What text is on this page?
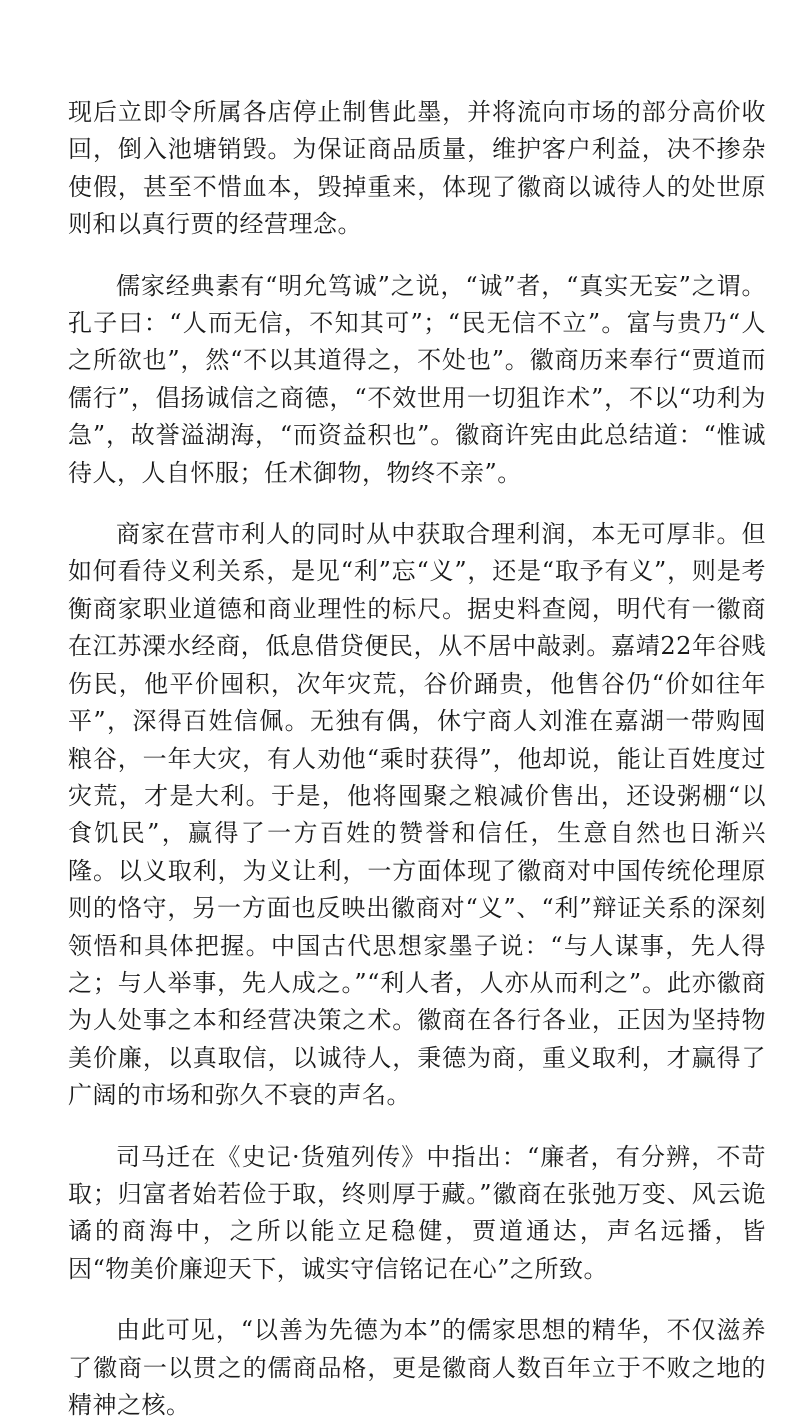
现后立即令所属各店停止制售此墨，并将流向市场的部分高价收回，倒入池塘销毁。为保证商品质量，维护客户利益，决不掺杂使假，甚至不惜血本，毁掉重来，体现了徽商以诚待人的处世原则和以真行贾的经营理念。

儒家经典素有“明允笃诚”之说，“诚”者，“真实无妄”之谓。孔子曰：“人而无信，不知其可”；“民无信不立”。富与贵乃“人之所欲也”，然“不以其道得之，不处也”。徽商历来奉行“贾道而儒行”，倡扬诚信之商德，“不效世用一切狙诈术”，不以“功利为急”，故誉溢湖海，“而资益积也”。徽商许宪由此总结道：“惟诚待人，人自怀服；任术御物，物终不亲”。

商家在营市利人的同时从中获取合理利润，本无可厚非。但如何看待义利关系，是见“利”忘“义”，还是“取予有义”，则是考衡商家职业道德和商业理性的标尺。据史料查阅，明代有一徽商在江苏溧水经商，低息借贷便民，从不居中敲剥。嘉靖22年谷贱伤民，他平价囤积，次年灾荒，谷价踊贵，他售谷仍“价如往年平”，深得百姓信佩。无独有偶，休宁商人刘淮在嘉湖一带购囤粮谷，一年大灾，有人劝他“乘时获得”，他却说，能让百姓度过灾荒，才是大利。于是，他将囤聚之粮减价售出，还设粥棚“以食饥民”，赢得了一方百姓的赞誉和信任，生意自然也日渐兴隆。以义取利，为义让利，一方面体现了徽商对中国传统伦理原则的恪守，另一方面也反映出徽商对“义”、“利”辩证关系的深刻领悟和具体把握。中国古代思想家墨子说：“与人谋事，先人得之；与人举事，先人成之。”“利人者，人亦从而利之”。此亦徽商为人处事之本和经营决策之术。徽商在各行各业，正因为坚持物美价廉，以真取信，以诚待人，秉德为商，重义取利，才赢得了广阔的市场和弥久不衰的声名。

司马迁在《史记·货殖列传》中指出：“廉者，有分辨，不苛取；归富者始若俭于取，终则厚于藏。”徽商在张弛万变、风云诡谲的商海中，之所以能立足稳健，贾道通达，声名远播，皆因“物美价廉迎天下，诚实守信铭记在心”之所致。

由此可见，“以善为先德为本”的儒家思想的精华，不仅滋养了徽商一以贯之的儒商品格，更是徽商人数百年立于不败之地的精神之核。
